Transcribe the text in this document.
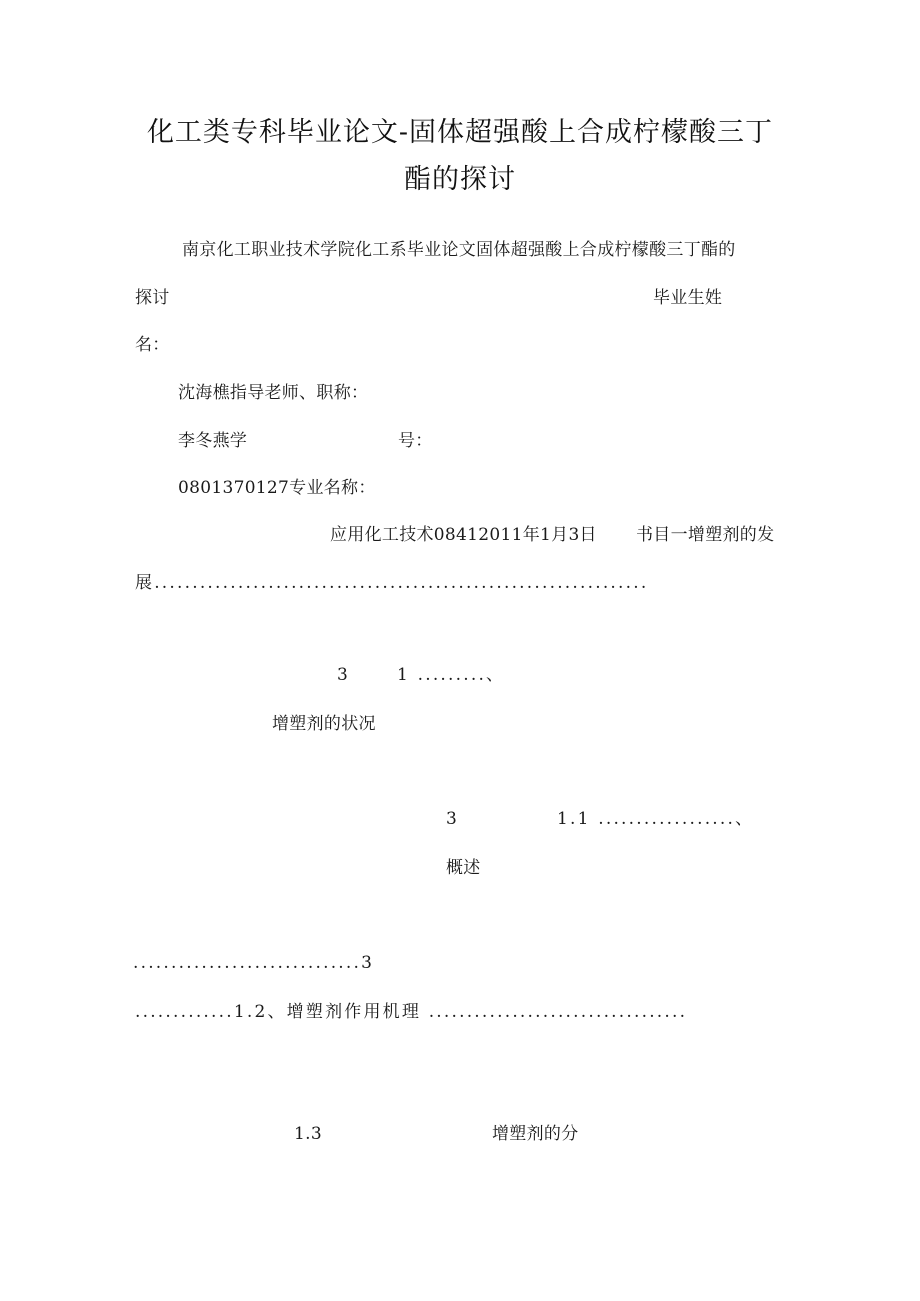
化工类专科毕业论文-固体超强酸上合成柠檬酸三丁
酯的探讨
南京化工职业技术学院化工系毕业论文固体超强酸上合成柠檬酸三丁酯的
探讨	毕业生姓
名：
沈海樵指导老师、职称：
李冬燕学	号：
0801370127专业名称：
应用化工技术08412011年1月3日 书目一增塑剂的发
展.................................................................
3	1 .........、
增塑剂的状况
3	1.1 ..................、
概述
..............................3
.............1.2、增塑剂作用机理 ..................................
1.3	增塑剂的分
